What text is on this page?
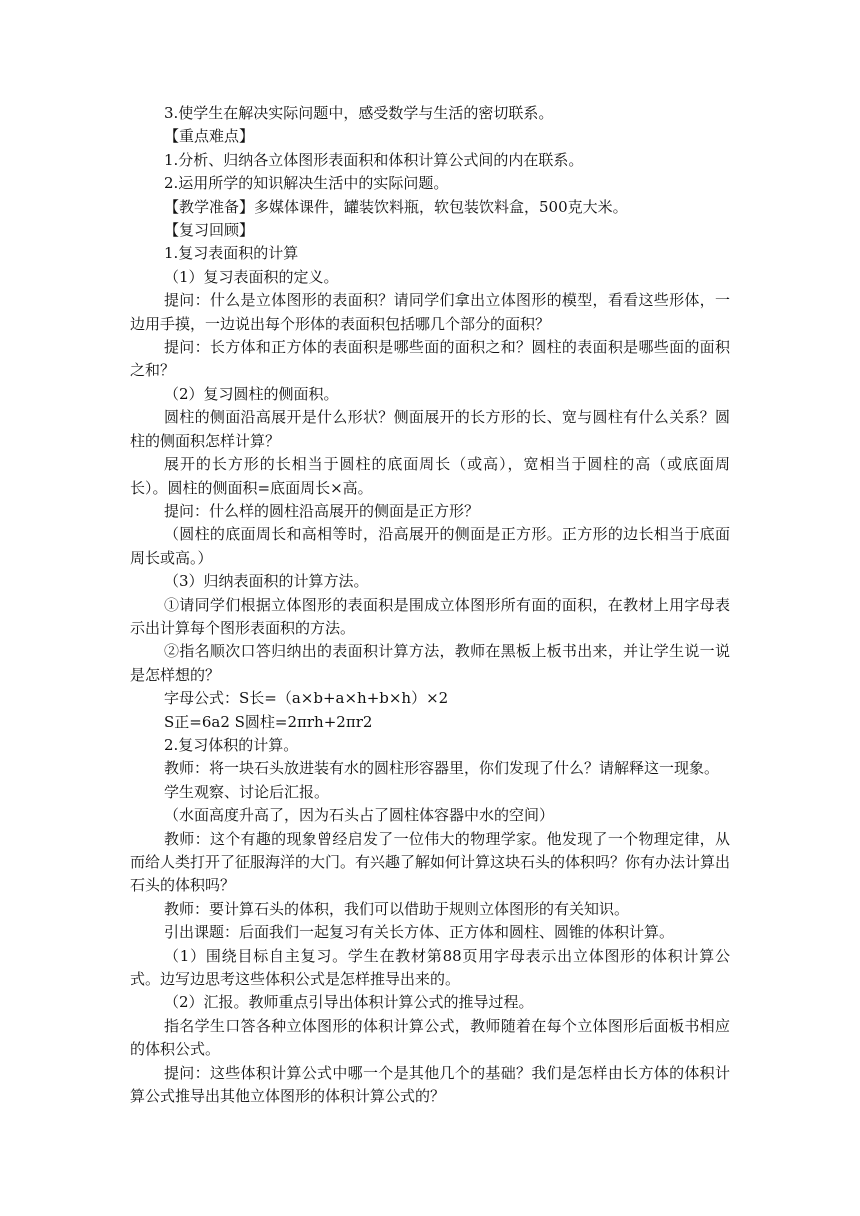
3.使学生在解决实际问题中，感受数学与生活的密切联系。

【重点难点】

1.分析、归纳各立体图形表面积和体积计算公式间的内在联系。

2.运用所学的知识解决生活中的实际问题。

【教学准备】多媒体课件，罐装饮料瓶，软包装饮料盒，500克大米。

【复习回顾】

1.复习表面积的计算

（1）复习表面积的定义。

提问：什么是立体图形的表面积？请同学们拿出立体图形的模型，看看这些形体，一边用手摸，一边说出每个形体的表面积包括哪几个部分的面积？

提问：长方体和正方体的表面积是哪些面的面积之和？圆柱的表面积是哪些面的面积之和？

（2）复习圆柱的侧面积。

圆柱的侧面沿高展开是什么形状？侧面展开的长方形的长、宽与圆柱有什么关系？圆柱的侧面积怎样计算？

展开的长方形的长相当于圆柱的底面周长（或高），宽相当于圆柱的高（或底面周长）。圆柱的侧面积=底面周长×高。

提问：什么样的圆柱沿高展开的侧面是正方形？

（圆柱的底面周长和高相等时，沿高展开的侧面是正方形。正方形的边长相当于底面周长或高。）

（3）归纳表面积的计算方法。

①请同学们根据立体图形的表面积是围成立体图形所有面的面积，在教材上用字母表示出计算每个图形表面积的方法。

②指名顺次口答归纳出的表面积计算方法，教师在黑板上板书出来，并让学生说一说是怎样想的？

字母公式：S长=（a×b+a×h+b×h）×2

S正=6a2 S圆柱=2πrh+2πr2

2.复习体积的计算。

教师：将一块石头放进装有水的圆柱形容器里，你们发现了什么？请解释这一现象。

学生观察、讨论后汇报。

（水面高度升高了，因为石头占了圆柱体容器中水的空间）

教师：这个有趣的现象曾经启发了一位伟大的物理学家。他发现了一个物理定律，从而给人类打开了征服海洋的大门。有兴趣了解如何计算这块石头的体积吗？你有办法计算出石头的体积吗？

教师：要计算石头的体积，我们可以借助于规则立体图形的有关知识。

引出课题：后面我们一起复习有关长方体、正方体和圆柱、圆锥的体积计算。

（1）围绕目标自主复习。学生在教材第88页用字母表示出立体图形的体积计算公式。边写边思考这些体积公式是怎样推导出来的。

（2）汇报。教师重点引导出体积计算公式的推导过程。

指名学生口答各种立体图形的体积计算公式，教师随着在每个立体图形后面板书相应的体积公式。

提问：这些体积计算公式中哪一个是其他几个的基础？我们是怎样由长方体的体积计算公式推导出其他立体图形的体积计算公式的？
